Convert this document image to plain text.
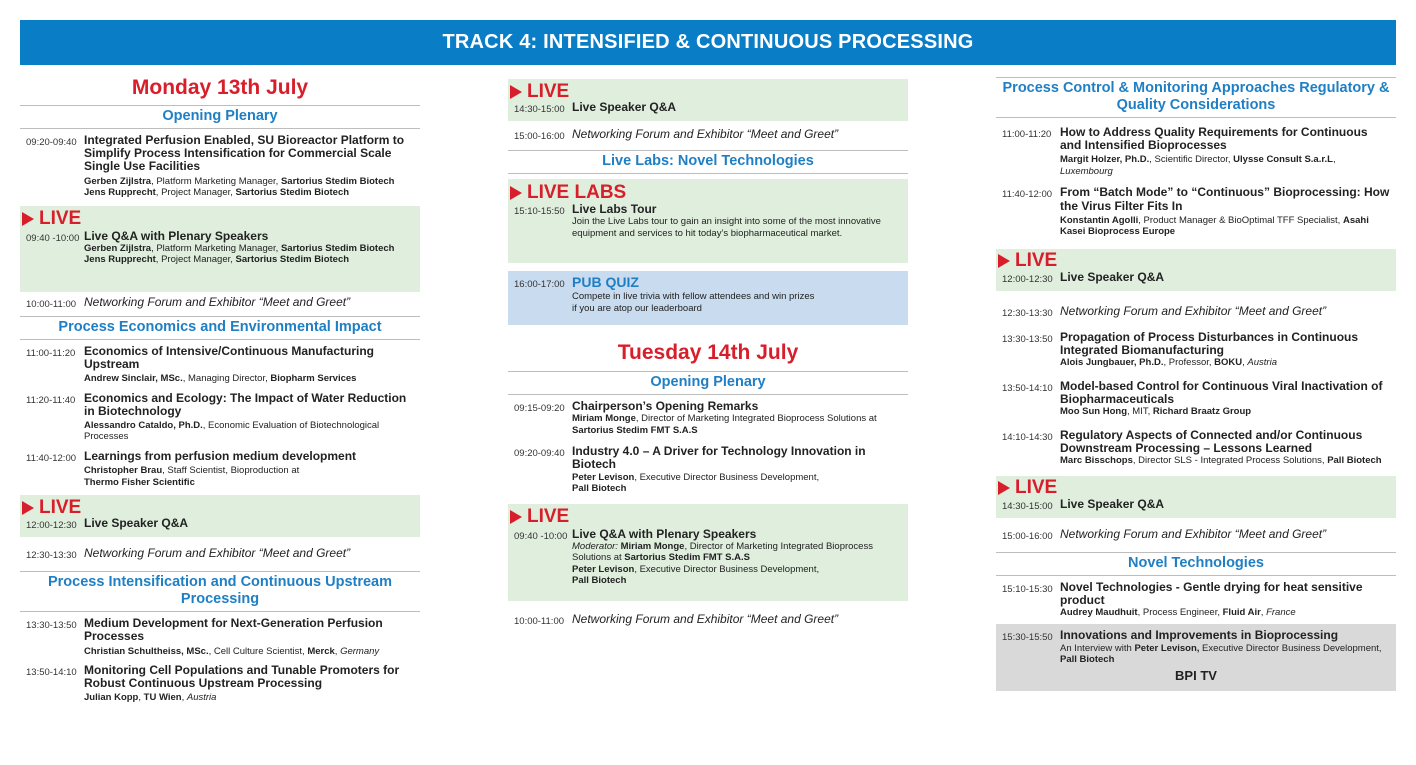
TRACK 4: INTENSIFIED & CONTINUOUS PROCESSING
Monday 13th July
Opening Plenary
09:20-09:40 Integrated Perfusion Enabled, SU Bioreactor Platform to Simplify Process Intensification for Commercial Scale Single Use Facilities
Gerben Zijlstra, Platform Marketing Manager, Sartorius Stedim Biotech
Jens Rupprecht, Project Manager, Sartorius Stedim Biotech
LIVE
09:40 -10:00 Live Q&A with Plenary Speakers
Gerben Zijlstra, Platform Marketing Manager, Sartorius Stedim Biotech
Jens Rupprecht, Project Manager, Sartorius Stedim Biotech
10:00-11:00 Networking Forum and Exhibitor “Meet and Greet”
Process Economics and Environmental Impact
11:00-11:20 Economics of Intensive/Continuous Manufacturing Upstream
Andrew Sinclair, MSc., Managing Director, Biopharm Services
11:20-11:40 Economics and Ecology: The Impact of Water Reduction in Biotechnology
Alessandro Cataldo, Ph.D., Economic Evaluation of Biotechnological Processes
11:40-12:00 Learnings from perfusion medium development
Christopher Brau, Staff Scientist, Bioproduction at
Thermo Fisher Scientific
LIVE
12:00-12:30 Live Speaker Q&A
12:30-13:30 Networking Forum and Exhibitor “Meet and Greet”
Process Intensification and Continuous Upstream Processing
13:30-13:50 Medium Development for Next-Generation Perfusion Processes
Christian Schultheiss, MSc., Cell Culture Scientist, Merck, Germany
13:50-14:10 Monitoring Cell Populations and Tunable Promoters for Robust Continuous Upstream Processing
Julian Kopp, TU Wien, Austria
LIVE
14:30-15:00 Live Speaker Q&A
15:00-16:00 Networking Forum and Exhibitor “Meet and Greet”
Live Labs: Novel Technologies
LIVE LABS
15:10-15:50 Live Labs Tour
Join the Live Labs tour to gain an insight into some of the most innovative equipment and services to hit today’s biopharmaceutical market.
16:00-17:00 PUB QUIZ
Compete in live trivia with fellow attendees and win prizes
if you are atop our leaderboard
Tuesday 14th July
Opening Plenary
09:15-09:20 Chairperson’s Opening Remarks
Miriam Monge, Director of Marketing Integrated Bioprocess Solutions at Sartorius Stedim FMT S.A.S
09:20-09:40 Industry 4.0 – A Driver for Technology Innovation in Biotech
Peter Levison, Executive Director Business Development,
Pall Biotech
LIVE
09:40 -10:00 Live Q&A with Plenary Speakers
Moderator: Miriam Monge, Director of Marketing Integrated Bioprocess Solutions at Sartorius Stedim FMT S.A.S
Peter Levison, Executive Director Business Development,
Pall Biotech
10:00-11:00 Networking Forum and Exhibitor “Meet and Greet”
Process Control & Monitoring Approaches Regulatory & Quality Considerations
11:00-11:20 How to Address Quality Requirements for Continuous and Intensified Bioprocesses
Margit Holzer, Ph.D., Scientific Director, Ulysse Consult S.a.r.L,
Luxembourg
11:40-12:00 From “Batch Mode” to “Continuous” Bioprocessing: How the Virus Filter Fits In
Konstantin Agolli, Product Manager & BioOptimal TFF Specialist, Asahi Kasei Bioprocess Europe
LIVE
12:00-12:30 Live Speaker Q&A
12:30-13:30 Networking Forum and Exhibitor “Meet and Greet”
13:30-13:50 Propagation of Process Disturbances in Continuous Integrated Biomanufacturing
Alois Jungbauer, Ph.D., Professor, BOKU, Austria
13:50-14:10 Model-based Control for Continuous Viral Inactivation of Biopharmaceuticals
Moo Sun Hong, MIT, Richard Braatz Group
14:10-14:30 Regulatory Aspects of Connected and/or Continuous Downstream Processing – Lessons Learned
Marc Bisschops, Director SLS - Integrated Process Solutions, Pall Biotech
LIVE
14:30-15:00 Live Speaker Q&A
15:00-16:00 Networking Forum and Exhibitor “Meet and Greet”
Novel Technologies
15:10-15:30 Novel Technologies - Gentle drying for heat sensitive product
Audrey Maudhuit, Process Engineer, Fluid Air, France
15:30-15:50 Innovations and Improvements in Bioprocessing
An Interview with Peter Levison, Executive Director Business Development, Pall Biotech
BPI TV
